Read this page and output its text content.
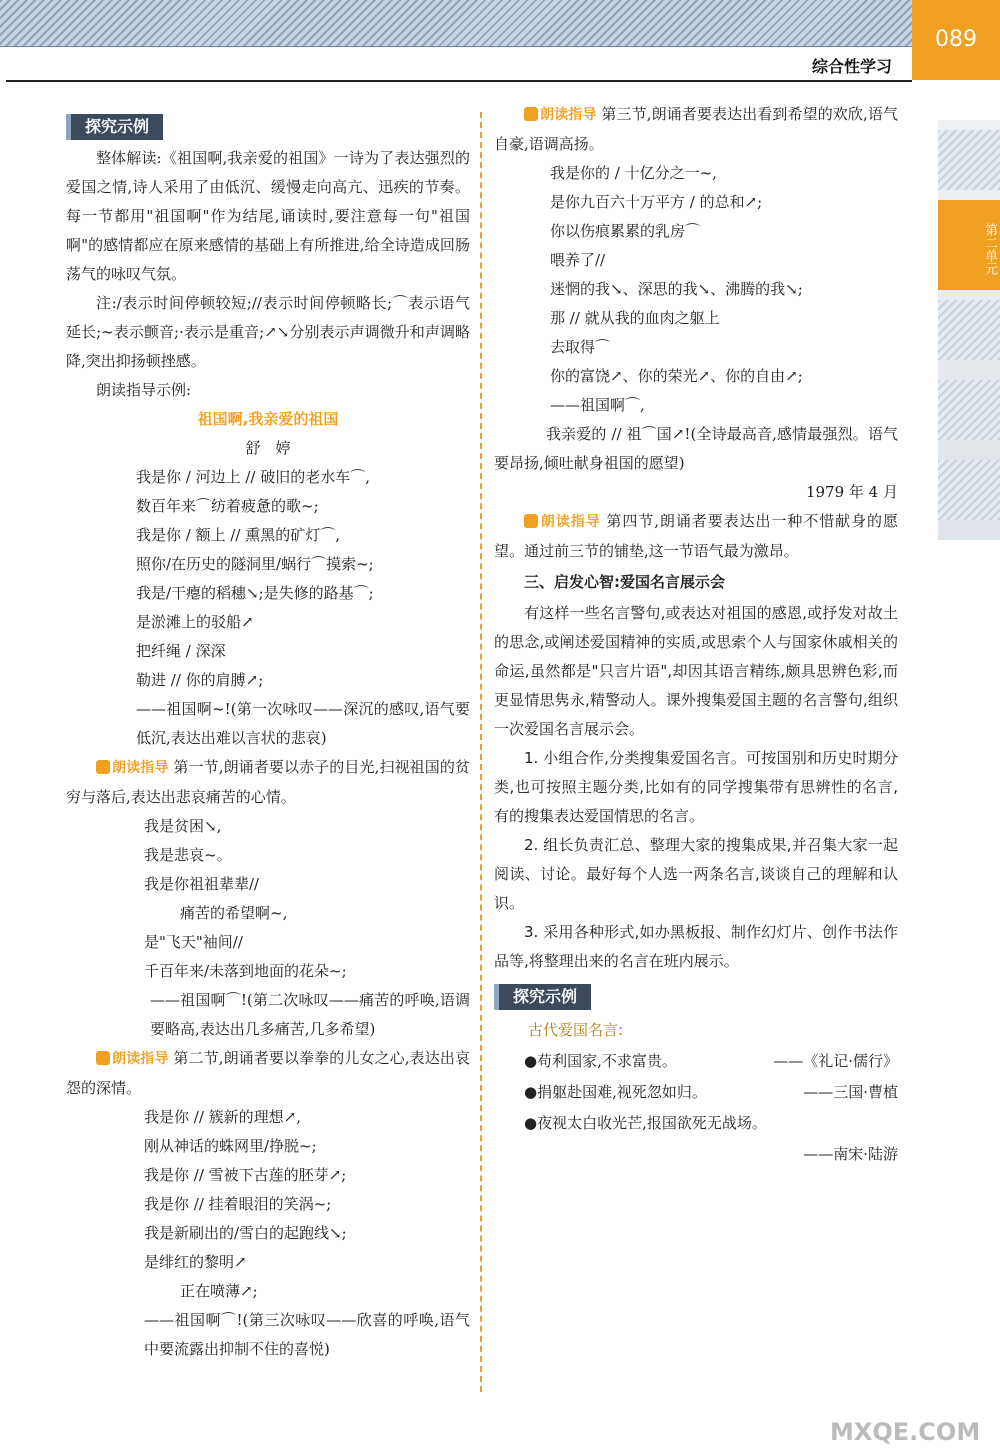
综合性学习
089
第二单元
探究示例

整体解读:《祖国啊,我亲爱的祖国》一诗为了表达强烈的爱国之情,诗人采用了由低沉、缓慢走向高亢、迅疾的节奏。每一节都用"祖国啊"作为结尾,诵读时,要注意每一句"祖国啊"的感情都应在原来感情的基础上有所推进,给全诗造成回肠荡气的咏叹气氛。

注:/表示时间停顿较短;//表示时间停顿略长;⌒表示语气延长;~表示颤音;·表示是重音;↗↘分别表示声调微升和声调略降,突出抑扬顿挫感。

朗读指导示例:

祖国啊,我亲爱的祖国

舒　婷

我是你 / 河边上 // 破旧的老水车⌒,

数百年来⌒纺着疲惫的歌~;

我是你 / 额上 // 熏黑的矿灯⌒,

照你/在历史的隧洞里/蜗行⌒摸索~;

我是/干瘪的稻穗↘;是失修的路基⌒;

是淤滩上的驳船↗

把纤绳 / 深深

勒进 // 你的肩膊↗;

——祖国啊~!(第一次咏叹——深沉的感叹,语气要低沉,表达出难以言状的悲哀)

朗读指导 第一节,朗诵者要以赤子的目光,扫视祖国的贫穷与落后,表达出悲哀痛苦的心情。

我是贫困↘,

我是悲哀~。

我是你祖祖辈辈//

痛苦的希望啊~,

是"飞天"袖间//

千百年来/未落到地面的花朵~;

——祖国啊⌒!(第二次咏叹——痛苦的呼唤,语调要略高,表达出几多痛苦,几多希望)

朗读指导 第二节,朗诵者要以拳拳的儿女之心,表达出哀怨的深情。

我是你 // 簇新的理想↗,

刚从神话的蛛网里/挣脱~;

我是你 // 雪被下古莲的胚芽↗;

我是你 // 挂着眼泪的笑涡~;

我是新刷出的/雪白的起跑线↘;

是绯红的黎明↗

正在喷薄↗;

——祖国啊⌒!(第三次咏叹——欣喜的呼唤,语气中要流露出抑制不住的喜悦)

朗读指导 第三节,朗诵者要表达出看到希望的欢欣,语气自豪,语调高扬。

我是你的 / 十亿分之一~,

是你九百六十万平方 / 的总和↗;

你以伤痕累累的乳房⌒

喂养了//

迷惘的我↘、深思的我↘、沸腾的我↘;

那 // 就从我的血肉之躯上

去取得⌒

你的富饶↗、你的荣光↗、你的自由↗;

——祖国啊⌒,

我亲爱的 // 祖⌒国↗!(全诗最高音,感情最强烈。语气要昂扬,倾吐献身祖国的愿望)

1979 年 4 月

朗读指导 第四节,朗诵者要表达出一种不惜献身的愿望。通过前三节的铺垫,这一节语气最为激昂。

三、启发心智:爱国名言展示会

有这样一些名言警句,或表达对祖国的感恩,或抒发对故土的思念,或阐述爱国精神的实质,或思索个人与国家休戚相关的命运,虽然都是"只言片语",却因其语言精练,颇具思辨色彩,而更显情思隽永,精警动人。课外搜集爱国主题的名言警句,组织一次爱国名言展示会。

1. 小组合作,分类搜集爱国名言。可按国别和历史时期分类,也可按照主题分类,比如有的同学搜集带有思辨性的名言,有的搜集表达爱国情思的名言。

2. 组长负责汇总、整理大家的搜集成果,并召集大家一起阅读、讨论。最好每个人选一两条名言,谈谈自己的理解和认识。

3. 采用各种形式,如办黑板报、制作幻灯片、创作书法作品等,将整理出来的名言在班内展示。

探究示例

古代爱国名言:

●苟利国家,不求富贵。	——《礼记·儒行》

●捐躯赴国难,视死忽如归。	——三国·曹植

●夜视太白收光芒,报国欲死无战场。

——南宋·陆游

MXQE.COM
